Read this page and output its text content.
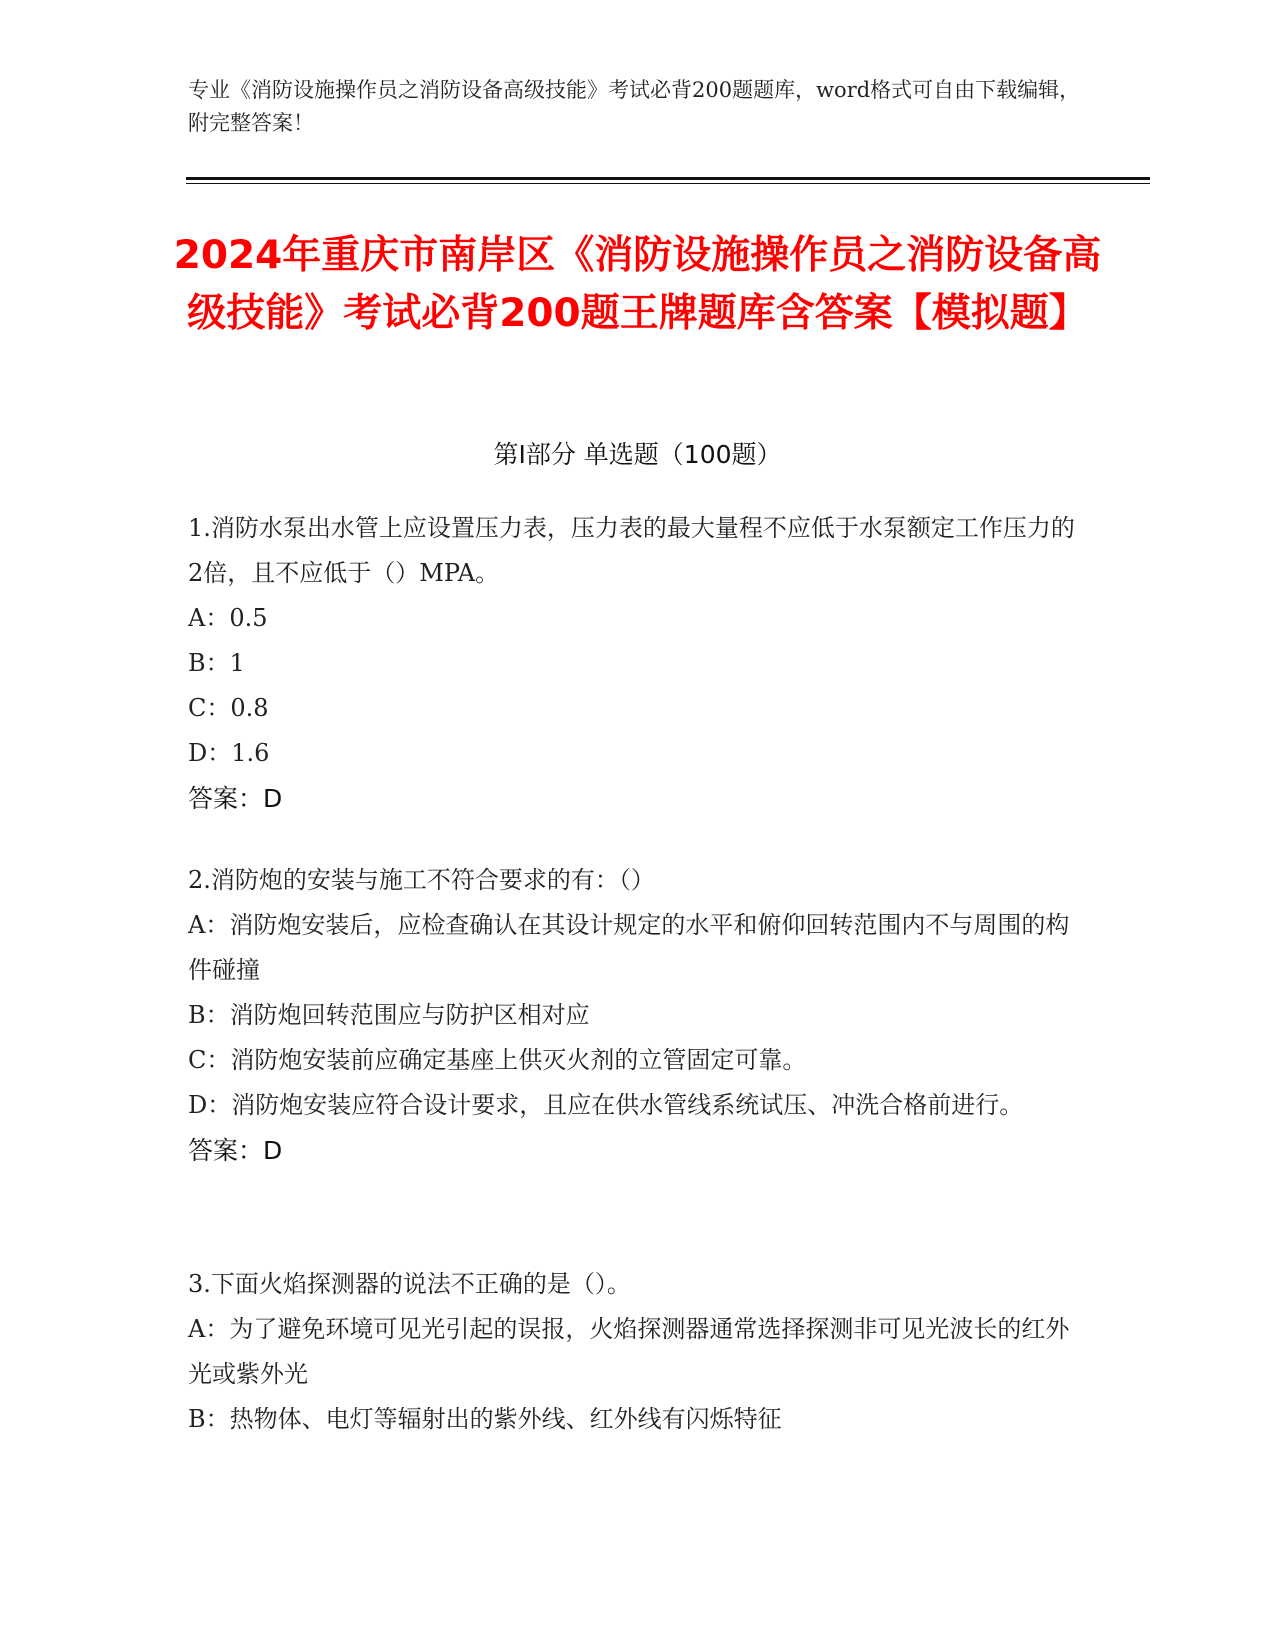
专业《消防设施操作员之消防设备高级技能》考试必背200题题库，word格式可自由下载编辑，附完整答案！
2024年重庆市南岸区《消防设施操作员之消防设备高级技能》考试必背200题王牌题库含答案【模拟题】
第I部分 单选题（100题）
1.消防水泵出水管上应设置压力表，压力表的最大量程不应低于水泵额定工作压力的2倍，且不应低于（）MPA。
A：0.5
B：1
C：0.8
D：1.6
答案：D
2.消防炮的安装与施工不符合要求的有：（）
A：消防炮安装后，应检查确认在其设计规定的水平和俯仰回转范围内不与周围的构件碰撞
B：消防炮回转范围应与防护区相对应
C：消防炮安装前应确定基座上供灭火剂的立管固定可靠。
D：消防炮安装应符合设计要求，且应在供水管线系统试压、冲洗合格前进行。
答案：D
3.下面火焰探测器的说法不正确的是（）。
A：为了避免环境可见光引起的误报，火焰探测器通常选择探测非可见光波长的红外光或紫外光
B：热物体、电灯等辐射出的紫外线、红外线有闪烁特征
